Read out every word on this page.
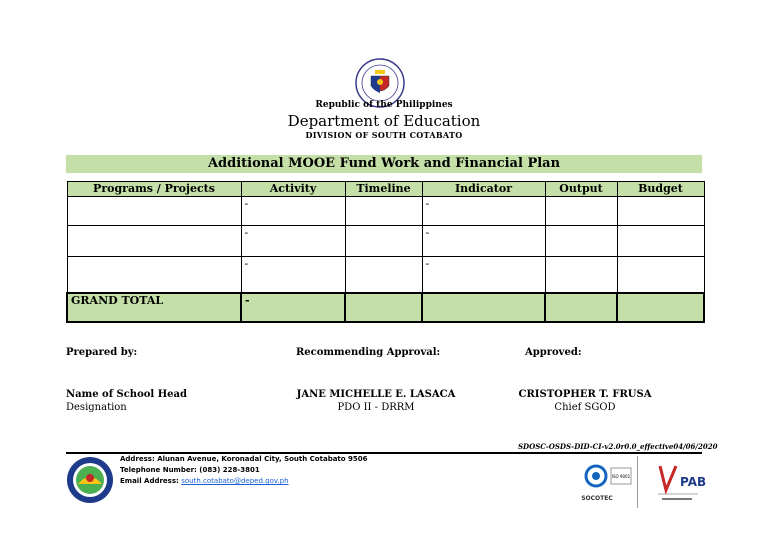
Republic of the Philippines
Department of Education
DIVISION OF SOUTH COTABATO
Additional MOOE Fund Work and Financial Plan
Programs / Projects	Activity	Timeline	Indicator	Output	Budget
	-		-		
	-		-		
	-		-		
GRAND TOTAL	-				
Prepared by:	Recommending Approval:	Approved:
Name of School Head	JANE MICHELLE E. LASACA	CRISTOPHER T. FRUSA
Designation	PDO II - DRRM	Chief SGOD
SDOSC-OSDS-DID-CI-v2.0r0.0_effective04/06/2020
Address: Alunan Avenue, Koronadal City, South Cotabato 9506
Telephone Number: (083) 228-3801
Email Address: south.cotabato@deped.gov.ph
ISO 9001
SOCOTEC
PAB
